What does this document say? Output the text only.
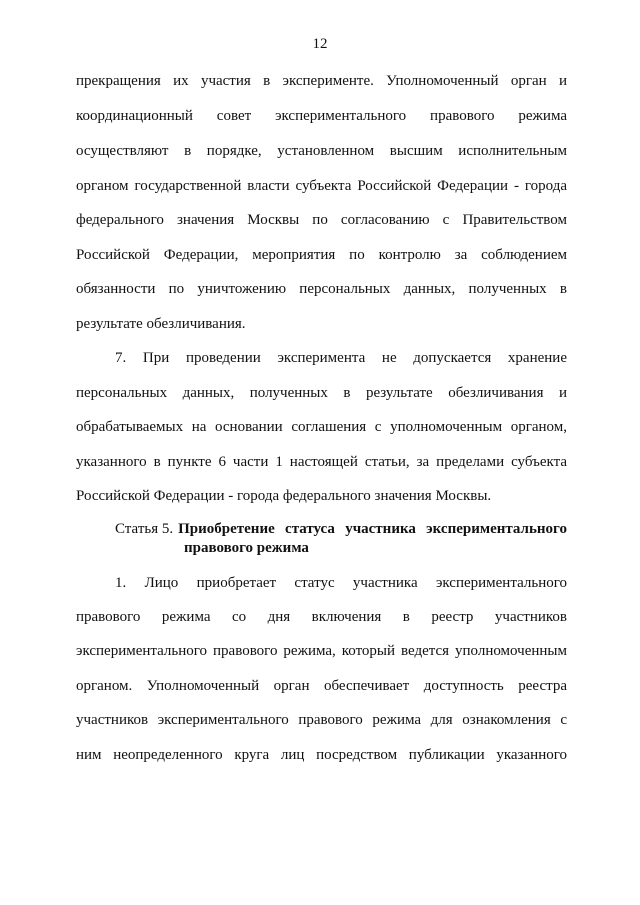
12
прекращения их участия в эксперименте. Уполномоченный орган и
координационный совет экспериментального правового режима
осуществляют в порядке, установленном высшим исполнительным
органом государственной власти субъекта Российской Федерации - города
федерального значения Москвы по согласованию с Правительством
Российской Федерации, мероприятия по контролю за соблюдением
обязанности по уничтожению персональных данных, полученных в
результате обезличивания.
7. При проведении эксперимента не допускается хранение
персональных данных, полученных в результате обезличивания и
обрабатываемых на основании соглашения с уполномоченным органом,
указанного в пункте 6 части 1 настоящей статьи, за пределами субъекта
Российской Федерации - города федерального значения Москвы.
Статья 5. Приобретение статуса участника экспериментального
правового режима
1. Лицо приобретает статус участника экспериментального
правового режима со дня включения в реестр участников
экспериментального правового режима, который ведется уполномоченным
органом. Уполномоченный орган обеспечивает доступность реестра
участников экспериментального правового режима для ознакомления с
ним неопределенного круга лиц посредством публикации указанного
